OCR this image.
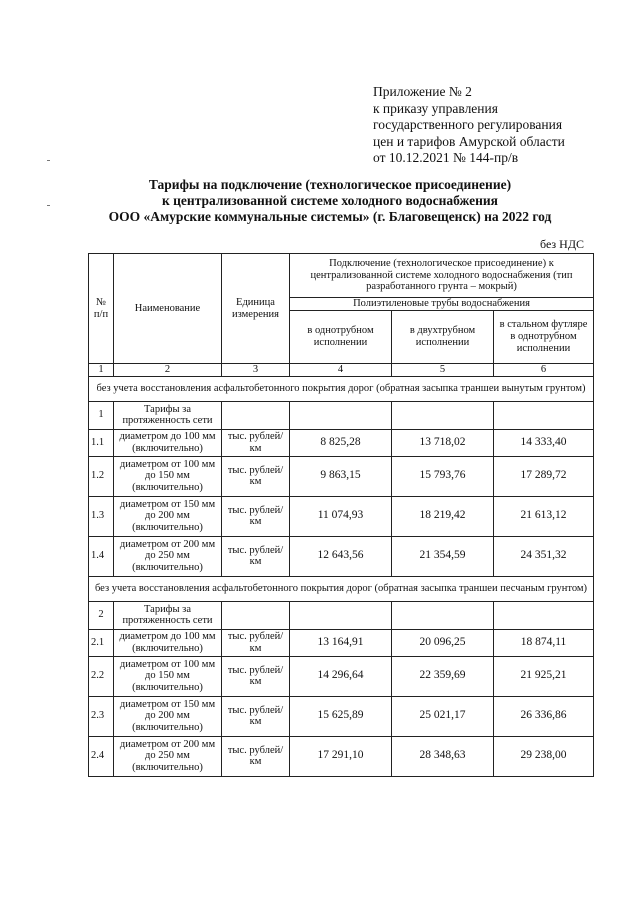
Приложение № 2
к приказу управления
государственного регулирования
цен и тарифов Амурской области
от 10.12.2021 № 144-пр/в
Тарифы на подключение (технологическое присоединение)
к централизованной системе холодного водоснабжения
ООО «Амурские коммунальные системы» (г. Благовещенск) на 2022 год
без НДС
№ п/п	Наименование	Единица измерения	Подключение (технологическое присоединение) к централизованной системе холодного водоснабжения (тип разработанного грунта – мокрый)		
			Полиэтиленовые трубы водоснабжения		
			в однотрубном исполнении	в двухтрубном исполнении	в стальном футляре в однотрубном исполнении
1	2	3	4	5	6
без учета восстановления асфальтобетонного покрытия дорог (обратная засыпка траншеи вынутым грунтом)					
1	Тарифы за протяженность сети				
1.1	диаметром до 100 мм (включительно)	тыс. рублей/км	8 825,28	13 718,02	14 333,40
1.2	диаметром от 100 мм до 150 мм (включительно)	тыс. рублей/км	9 863,15	15 793,76	17 289,72
1.3	диаметром от 150 мм до 200 мм (включительно)	тыс. рублей/км	11 074,93	18 219,42	21 613,12
1.4	диаметром от 200 мм до 250 мм (включительно)	тыс. рублей/км	12 643,56	21 354,59	24 351,32
без учета восстановления асфальтобетонного покрытия дорог (обратная засыпка траншеи песчаным грунтом)					
2	Тарифы за протяженность сети				
2.1	диаметром до 100 мм (включительно)	тыс. рублей/км	13 164,91	20 096,25	18 874,11
2.2	диаметром от 100 мм до 150 мм (включительно)	тыс. рублей/км	14 296,64	22 359,69	21 925,21
2.3	диаметром от 150 мм до 200 мм (включительно)	тыс. рублей/км	15 625,89	25 021,17	26 336,86
2.4	диаметром от 200 мм до 250 мм (включительно)	тыс. рублей/км	17 291,10	28 348,63	29 238,00
